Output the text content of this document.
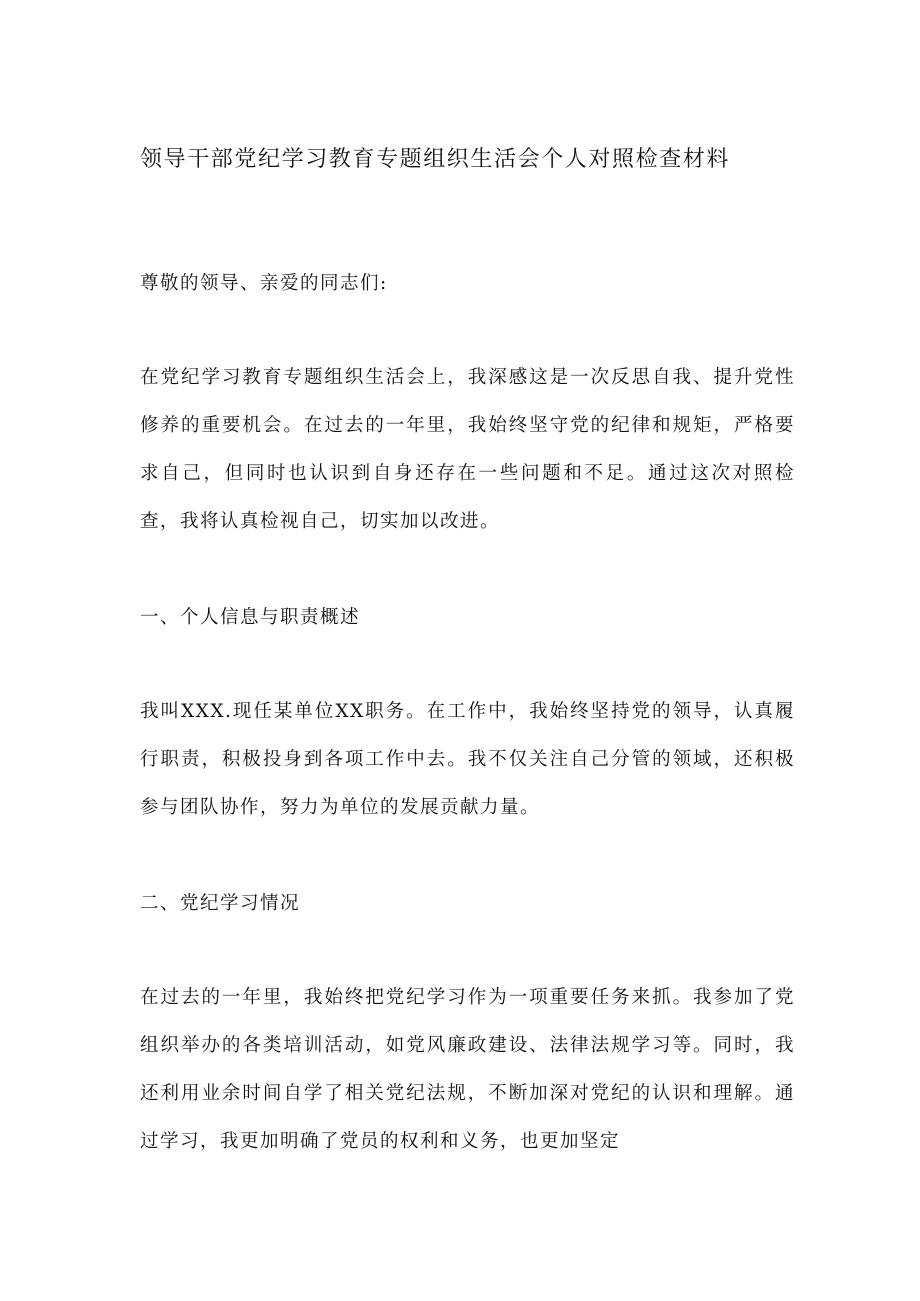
领导干部党纪学习教育专题组织生活会个人对照检查材料

尊敬的领导、亲爱的同志们:

在党纪学习教育专题组织生活会上，我深感这是一次反思自我、提升党性修养的重要机会。在过去的一年里，我始终坚守党的纪律和规矩，严格要求自己，但同时也认识到自身还存在一些问题和不足。通过这次对照检查，我将认真检视自己，切实加以改进。

一、个人信息与职责概述

我叫XXX.现任某单位XX职务。在工作中，我始终坚持党的领导，认真履行职责，积极投身到各项工作中去。我不仅关注自己分管的领域，还积极参与团队协作，努力为单位的发展贡献力量。

二、党纪学习情况

在过去的一年里，我始终把党纪学习作为一项重要任务来抓。我参加了党组织举办的各类培训活动，如党风廉政建设、法律法规学习等。同时，我还利用业余时间自学了相关党纪法规，不断加深对党纪的认识和理解。通过学习，我更加明确了党员的权利和义务，也更加坚定
